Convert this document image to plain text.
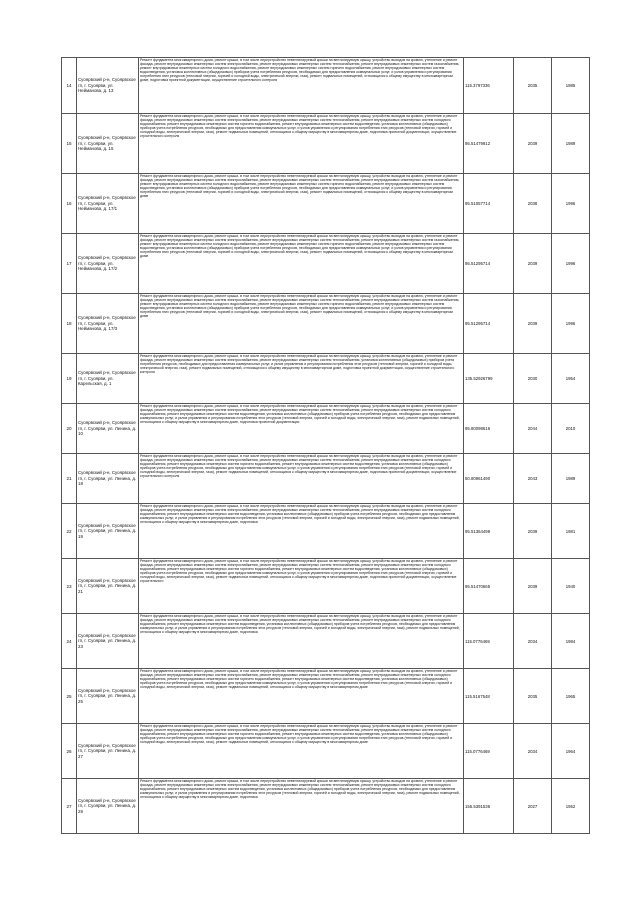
14	Суоярвский р-н, Суоярвское гп, г. Суоярви, ул. Нейманова, д. 13	Ремонт фундамента многоквартирного дома, ремонт крыши, в том числе переустройство невентилируемой крыши на вентилируемую крышу, устройство выходов на кровлю, утепление и ремонт фасада, ремонт внутридомовых инженерных систем электроснабжения, ремонт внутридомовых инженерных систем теплоснабжения, ремонт внутридомовых инженерных систем газоснабжения, ремонт внутридомовых инженерных систем холодного водоснабжения, ремонт внутридомовых инженерных систем горячего водоснабжения, ремонт внутридомовых инженерных систем водоотведения, установка коллективных (общедомовых) приборов учета потребления ресурсов, необходимых для предоставления коммунальных услуг, и узлов управления и регулирования потребления этих ресурсов (тепловой энергии, горячей и холодной воды, электрической энергии, газа), ремонт подвальных помещений, относящихся к общему имуществу в многоквартирном доме, подготовка проектной документации, осуществление строительного контроля	115.3797336	2035	1985
15	Суоярвский р-н, Суоярвское гп, г. Суоярви, ул. Нейманова, д. 15	Ремонт фундамента многоквартирного дома, ремонт крыши, в том числе переустройство невентилируемой крыши на вентилируемую крышу, устройство выходов на кровлю, утепление и ремонт фасада, ремонт внутридомовых инженерных систем электроснабжения, ремонт внутридомовых инженерных систем теплоснабжения, ремонт внутридомовых инженерных систем холодного водоснабжения, ремонт внутридомовых инженерных систем горячего водоснабжения, ремонт внутридомовых инженерных систем водоотведения, установка коллективных (общедомовых) приборов учета потребления ресурсов, необходимых для предоставления коммунальных услуг, и узлов управления и регулирования потребления этих ресурсов (тепловой энергии, горячей и холодной воды, электрической энергии, газа), ремонт подвальных помещений, относящихся к общему имуществу в многоквартирном доме, подготовка проектной документации, осуществление строительного контроля	95.51479912	2039	1989
16	Суоярвский р-н, Суоярвское гп, г. Суоярви, ул. Нейманова, д. 17/1	Ремонт фундамента многоквартирного дома, ремонт крыши, в том числе переустройство невентилируемой крыши на вентилируемую крышу, устройство выходов на кровлю, утепление и ремонт фасада, ремонт внутридомовых инженерных систем электроснабжения, ремонт внутридомовых инженерных систем теплоснабжения, ремонт внутридомовых инженерных систем газоснабжения, ремонт внутридомовых инженерных систем холодного водоснабжения, ремонт внутридомовых инженерных систем горячего водоснабжения, ремонт внутридомовых инженерных систем водоотведения, установка коллективных (общедомовых) приборов учета потребления ресурсов, необходимых для предоставления коммунальных услуг, и узлов управления и регулирования потребления этих ресурсов (тепловой энергии, горячей и холодной воды, электрической энергии, газа), ремонт подвальных помещений, относящихся к общему имуществу в многоквартирном доме	95.51057714	2038	1996
17	Суоярвский р-н, Суоярвское гп, г. Суоярви, ул. Нейманова, д. 17/2	Ремонт фундамента многоквартирного дома, ремонт крыши, в том числе переустройство невентилируемой крыши на вентилируемую крышу, устройство выходов на кровлю, утепление и ремонт фасада, ремонт внутридомовых инженерных систем электроснабжения, ремонт внутридомовых инженерных систем теплоснабжения, ремонт внутридомовых инженерных систем газоснабжения, ремонт внутридомовых инженерных систем холодного водоснабжения, ремонт внутридомовых инженерных систем горячего водоснабжения, ремонт внутридомовых инженерных систем водоотведения, установка коллективных (общедомовых) приборов учета потребления ресурсов, необходимых для предоставления коммунальных услуг, и узлов управления и регулирования потребления этих ресурсов (тепловой энергии, горячей и холодной воды, электрической энергии, газа), ремонт подвальных помещений, относящихся к общему имуществу в многоквартирном доме	95.51295714	2039	1996
18	Суоярвский р-н, Суоярвское гп, г. Суоярви, ул. Нейманова, д. 17/3	Ремонт фундамента многоквартирного дома, ремонт крыши, в том числе переустройство невентилируемой крыши на вентилируемую крышу, устройство выходов на кровлю, утепление и ремонт фасада, ремонт внутридомовых инженерных систем электроснабжения, ремонт внутридомовых инженерных систем теплоснабжения, ремонт внутридомовых инженерных систем газоснабжения, ремонт внутридомовых инженерных систем холодного водоснабжения, ремонт внутридомовых инженерных систем горячего водоснабжения, ремонт внутридомовых инженерных систем водоотведения, установка коллективных (общедомовых) приборов учета потребления ресурсов, необходимых для предоставления коммунальных услуг, и узлов управления и регулирования потребления этих ресурсов (тепловой энергии, горячей и холодной воды, электрической энергии, газа), ремонт подвальных помещений, относящихся к общему имуществу в многоквартирном доме	95.51295714	2039	1996
19	Суоярвский р-н, Суоярвское гп, г. Суоярви, ул. Карельская, д. 1	Ремонт фундамента многоквартирного дома, ремонт крыши, в том числе переустройство невентилируемой крыши на вентилируемую крышу, устройство выходов на кровлю, утепление и ремонт фасада, ремонт внутридомовых инженерных систем электроснабжения, ремонт внутридомовых инженерных систем теплоснабжения, установка коллективных (общедомовых) приборов учета потребления ресурсов, необходимых для предоставления коммунальных услуг, и узлов управления и регулирования потребления этих ресурсов (тепловой энергии, горячей и холодной воды, электрической энергии, газа), ремонт подвальных помещений, относящихся к общему имуществу в многоквартирном доме, подготовка проектной документации, осуществление строительного контроля	135.52926799	2030	1954
20	Суоярвский р-н, Суоярвское гп, г. Суоярви, ул. Ленина, д. 10	Ремонт фундамента многоквартирного дома, ремонт крыши, в том числе переустройство невентилируемой крыши на вентилируемую крышу, устройство выходов на кровлю, утепление и ремонт фасада, ремонт внутридомовых инженерных систем электроснабжения, ремонт внутридомовых инженерных систем теплоснабжения, ремонт внутридомовых инженерных систем холодного водоснабжения, ремонт внутридомовых инженерных систем водоотведения, установка коллективных (общедомовых) приборов учета потребления ресурсов, необходимых для предоставления коммунальных услуг, и узлов управления и регулирования потребления этих ресурсов (тепловой энергии, горячей и холодной воды, электрической энергии, газа), ремонт подвальных помещений, относящихся к общему имуществу в многоквартирном доме, подготовка проектной документации	95.80098616	2044	2010
21	Суоярвский р-н, Суоярвское гп, г. Суоярви, ул. Ленина, д. 18	Ремонт фундамента многоквартирного дома, ремонт крыши, в том числе переустройство невентилируемой крыши на вентилируемую крышу, устройство выходов на кровлю, утепление и ремонт фасада, ремонт внутридомовых инженерных систем электроснабжения, ремонт внутридомовых инженерных систем теплоснабжения, ремонт внутридомовых инженерных систем холодного водоснабжения, ремонт внутридомовых инженерных систем горячего водоснабжения, ремонт внутридомовых инженерных систем водоотведения, установка коллективных (общедомовых) приборов учета потребления ресурсов, необходимых для предоставления коммунальных услуг, и узлов управления и регулирования потребления этих ресурсов (тепловой энергии, горячей и холодной воды, электрической энергии, газа), ремонт подвальных помещений, относящихся к общему имуществу в многоквартирном доме, подготовка проектной документации, осуществление строительного контроля	50.80961490	2043	1989
22	Суоярвский р-н, Суоярвское гп, г. Суоярви, ул. Ленина, д. 19	Ремонт фундамента многоквартирного дома, ремонт крыши, в том числе переустройство невентилируемой крыши на вентилируемую крышу, устройство выходов на кровлю, утепление и ремонт фасада, ремонт внутридомовых инженерных систем электроснабжения, ремонт внутридомовых инженерных систем теплоснабжения, ремонт внутридомовых инженерных систем холодного водоснабжения, ремонт внутридомовых инженерных систем водоотведения, установка коллективных (общедомовых) приборов учета потребления ресурсов, необходимых для предоставления коммунальных услуг, и узлов управления и регулирования потребления этих ресурсов (тепловой энергии, горячей и холодной воды, электрической энергии, газа), ремонт подвальных помещений, относящихся к общему имуществу в многоквартирном доме, подготовка	95.51364499	2039	1981
23	Суоярвский р-н, Суоярвское гп, г. Суоярви, ул. Ленина, д. 21	Ремонт фундамента многоквартирного дома, ремонт крыши, в том числе переустройство невентилируемой крыши на вентилируемую крышу, устройство выходов на кровлю, утепление и ремонт фасада, ремонт внутридомовых инженерных систем электроснабжения, ремонт внутридомовых инженерных систем теплоснабжения, ремонт внутридомовых инженерных систем холодного водоснабжения, ремонт внутридомовых инженерных систем горячего водоснабжения, ремонт внутридомовых инженерных систем водоотведения, установка коллективных (общедомовых) приборов учета потребления ресурсов, необходимых для предоставления коммунальных услуг, и узлов управления и регулирования потребления этих ресурсов (тепловой энергии, горячей и холодной воды, электрической энергии, газа), ремонт подвальных помещений, относящихся к общему имуществу в многоквартирном доме, подготовка проектной документации, осуществление строительного	95.51470665	2039	1940
24	Суоярвский р-н, Суоярвское гп, г. Суоярви, ул. Ленина, д. 23	Ремонт фундамента многоквартирного дома, ремонт крыши, в том числе переустройство невентилируемой крыши на вентилируемую крышу, устройство выходов на кровлю, утепление и ремонт фасада, ремонт внутридомовых инженерных систем электроснабжения, ремонт внутридомовых инженерных систем теплоснабжения, ремонт внутридомовых инженерных систем холодного водоснабжения, ремонт внутридомовых инженерных систем водоотведения, установка коллективных (общедомовых) приборов учета потребления ресурсов, необходимых для предоставления коммунальных услуг, и узлов управления и регулирования потребления этих ресурсов (тепловой энергии, горячей и холодной воды, электрической энергии, газа), ремонт подвальных помещений, относящихся к общему имуществу в многоквартирном доме, подготовка	115.0776469	2034	1984
25	Суоярвский р-н, Суоярвское гп, г. Суоярви, ул. Ленина, д. 25	Ремонт фундамента многоквартирного дома, ремонт крыши, в том числе переустройство невентилируемой крыши на вентилируемую крышу, устройство выходов на кровлю, утепление и ремонт фасада, ремонт внутридомовых инженерных систем электроснабжения, ремонт внутридомовых инженерных систем теплоснабжения, ремонт внутридомовых инженерных систем холодного водоснабжения, ремонт внутридомовых инженерных систем горячего водоснабжения, ремонт внутридомовых инженерных систем водоотведения, установка коллективных (общедомовых) приборов учета потребления ресурсов, необходимых для предоставления коммунальных услуг, и узлов управления и регулирования потребления этих ресурсов (тепловой энергии, горячей и холодной воды, электрической энергии, газа), ремонт подвальных помещений, относящихся к общему имуществу в многоквартирном доме	115.5167548	2035	1965
26	Суоярвский р-н, Суоярвское гп, г. Суоярви, ул. Ленина, д. 27	Ремонт фундамента многоквартирного дома, ремонт крыши, в том числе переустройство невентилируемой крыши на вентилируемую крышу, устройство выходов на кровлю, утепление и ремонт фасада, ремонт внутридомовых инженерных систем электроснабжения, ремонт внутридомовых инженерных систем теплоснабжения, ремонт внутридомовых инженерных систем холодного водоснабжения, ремонт внутридомовых инженерных систем горячего водоснабжения, ремонт внутридомовых инженерных систем водоотведения, установка коллективных (общедомовых) приборов учета потребления ресурсов, необходимых для предоставления коммунальных услуг, и узлов управления и регулирования потребления этих ресурсов (тепловой энергии, горячей и холодной воды, электрической энергии, газа), ремонт подвальных помещений, относящихся к общему имуществу в многоквартирном доме	115.0776469	2034	1964
27	Суоярвский р-н, Суоярвское гп, г. Суоярви, ул. Ленина, д. 29	Ремонт фундамента многоквартирного дома, ремонт крыши, в том числе переустройство невентилируемой крыши на вентилируемую крышу, устройство выходов на кровлю, утепление и ремонт фасада, ремонт внутридомовых инженерных систем электроснабжения, ремонт внутридомовых инженерных систем теплоснабжения, ремонт внутридомовых инженерных систем холодного водоснабжения, ремонт внутридомовых инженерных систем водоотведения, установка коллективных (общедомовых) приборов учета потребления ресурсов, необходимых для предоставления коммунальных услуг, и узлов управления и регулирования потребления этих ресурсов (тепловой энергии, горячей и холодной воды, электрической энергии, газа), ремонт подвальных помещений, относящихся к общему имуществу в многоквартирном доме, подготовка	155.5391536	2027	1952
